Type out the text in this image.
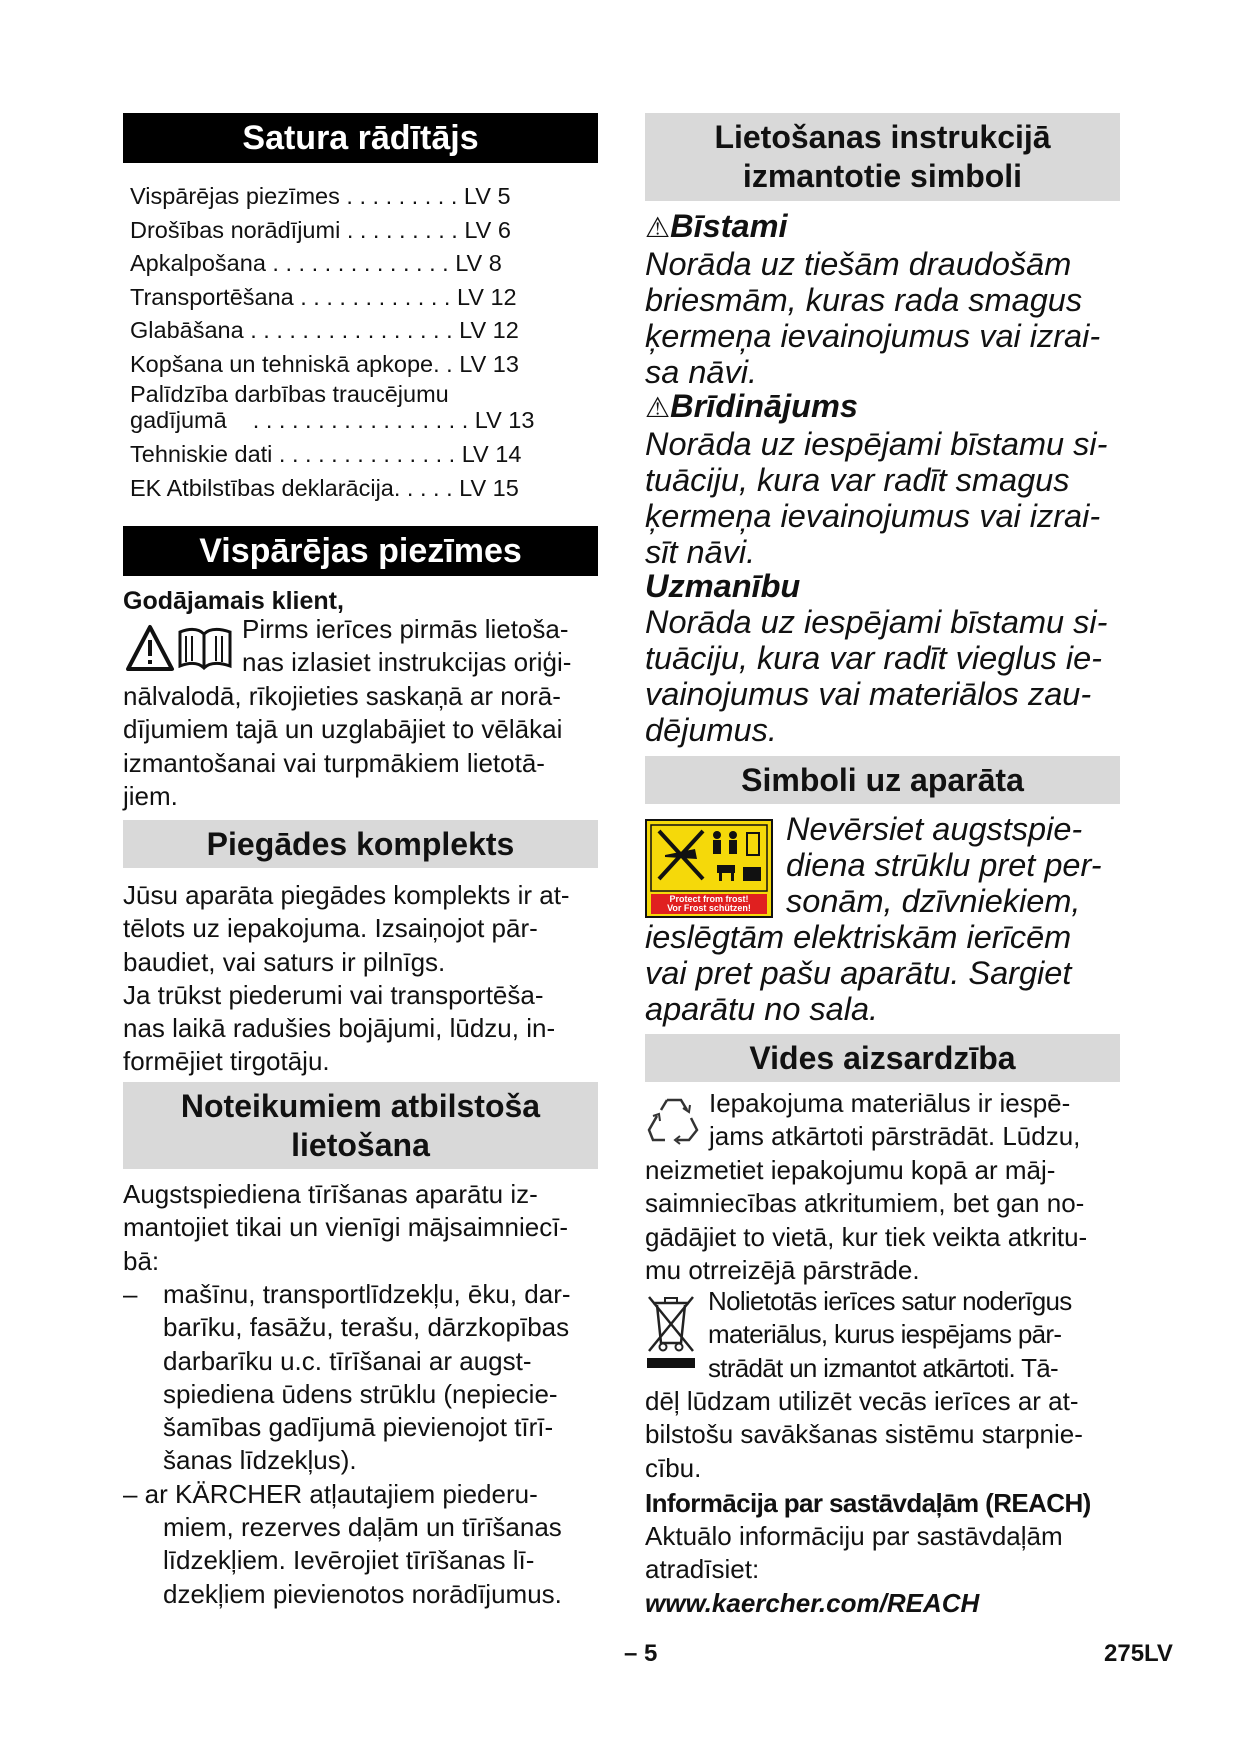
Satura rādītājs
Vispārējas piezīmes . . . . . . . . . LV 5
Drošības norādījumi . . . . . . . . . LV 6
Apkalpošana . . . . . . . . . . . . . . LV 8
Transportēšana . . . . . . . . . . . . LV 12
Glabāšana . . . . . . . . . . . . . . . . LV 12
Kopšana un tehniskā apkope. . LV 13
Palīdzība darbības traucējumu
gadījumā    . . . . . . . . . . . . . . . . . LV 13
Tehniskie dati . . . . . . . . . . . . . . LV 14
EK Atbilstības deklarācija. . . . . LV 15
Vispārējas piezīmes
Godājamais klient,
Pirms ierīces pirmās lietoša-
nas izlasiet instrukcijas oriģi-
nālvalodā, rīkojieties saskaņā ar norā-
dījumiem tajā un uzglabājiet to vēlākai
izmantošanai vai turpmākiem lietotā-
jiem.
Piegādes komplekts
Jūsu aparāta piegādes komplekts ir at-
tēlots uz iepakojuma. Izsaiņojot pār-
baudiet, vai saturs ir pilnīgs.
Ja trūkst piederumi vai transportēša-
nas laikā radušies bojājumi, lūdzu, in-
formējiet tirgotāju.
Noteikumiem atbilstoša
lietošana
Augstspiediena tīrīšanas aparātu iz-
mantojiet tikai un vienīgi mājsaimniecī-
bā:
– mašīnu, transportlīdzekļu, ēku, dar-
barīku, fasāžu, terašu, dārzkopības
darbarīku u.c. tīrīšanai ar augst-
spiediena ūdens strūklu (nepiecie-
šamības gadījumā pievienojot tīrī-
šanas līdzekļus).
– ar KÄRCHER atļautajiem piederu-
miem, rezerves daļām un tīrīšanas
līdzekļiem. Ievērojiet tīrīšanas lī-
dzekļiem pievienotos norādījumus.
Lietošanas instrukcijā
izmantotie simboli
⚠Bīstami
Norāda uz tiešām draudošām
briesmām, kuras rada smagus
ķermeņa ievainojumus vai izrai-
sa nāvi.
⚠Brīdinājums
Norāda uz iespējami bīstamu si-
tuāciju, kura var radīt smagus
ķermeņa ievainojumus vai izrai-
sīt nāvi.
Uzmanību
Norāda uz iespējami bīstamu si-
tuāciju, kura var radīt vieglus ie-
vainojumus vai materiālos zau-
dējumus.
Simboli uz aparāta
Protect from frost!
Vor Frost schützen!
Nevērsiet augstspie-
diena strūklu pret per-
sonām, dzīvniekiem,
ieslēgtām elektriskām ierīcēm
vai pret pašu aparātu. Sargiet
aparātu no sala.
Vides aizsardzība
Iepakojuma materiālus ir iespē-
jams atkārtoti pārstrādāt. Lūdzu,
neizmetiet iepakojumu kopā ar māj-
saimniecības atkritumiem, bet gan no-
gādājiet to vietā, kur tiek veikta atkritu-
mu otrreizējā pārstrāde.
Nolietotās ierīces satur noderīgus
materiālus, kurus iespējams pār-
strādāt un izmantot atkārtoti. Tā-
dēļ lūdzam utilizēt vecās ierīces ar at-
bilstošu savākšanas sistēmu starpnie-
cību.
Informācija par sastāvdaļām (REACH)
Aktuālo informāciju par sastāvdaļām
atradīsiet:
www.kaercher.com/REACH
– 5	275LV
